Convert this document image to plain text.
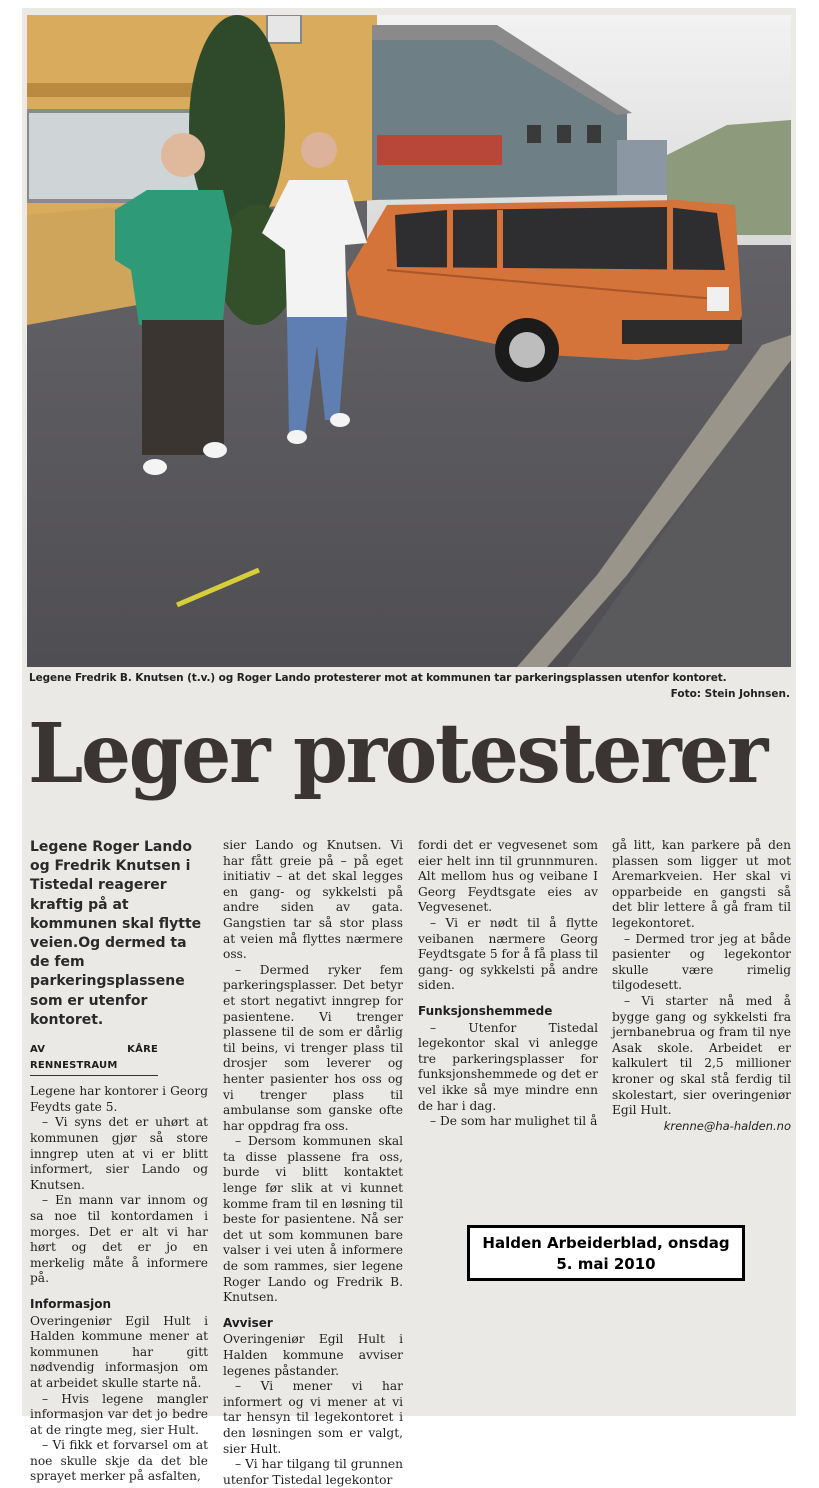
Legene Fredrik B. Knutsen (t.v.) og Roger Lando protesterer mot at kommunen tar parkeringsplassen utenfor kontoret.
Foto: Stein Johnsen.
Leger protesterer
Legene Roger Lando og Fredrik Knutsen i Tistedal reagerer kraftig på at kommunen skal flytte veien.Og dermed ta de fem parkeringsplassene som er utenfor kontoret.
AV KÅRE RENNESTRAUM

Legene har kontorer i Georg Feydts gate 5.

– Vi syns det er uhørt at kommunen gjør så store inngrep uten at vi er blitt informert, sier Lando og Knutsen.

– En mann var innom og sa noe til kontordamen i morges. Det er alt vi har hørt og det er jo en merkelig måte å informere på.

Informasjon

Overingeniør Egil Hult i Halden kommune mener at kommunen har gitt nødvendig informasjon om at arbeidet skulle starte nå.

– Hvis legene mangler informasjon var det jo bedre at de ringte meg, sier Hult.

– Vi fikk et forvarsel om at noe skulle skje da det ble sprayet merker på asfalten,

sier Lando og Knutsen. Vi har fått greie på – på eget initiativ – at det skal legges en gang- og sykkelsti på andre siden av gata. Gangstien tar så stor plass at veien må flyttes nærmere oss.

– Dermed ryker fem parkeringsplasser. Det betyr et stort negativt inngrep for pasientene. Vi trenger plassene til de som er dårlig til beins, vi trenger plass til drosjer som leverer og henter pasienter hos oss og vi trenger plass til ambulanse som ganske ofte har oppdrag fra oss.

– Dersom kommunen skal ta disse plassene fra oss, burde vi blitt kontaktet lenge før slik at vi kunnet komme fram til en løsning til beste for pasientene. Nå ser det ut som kommunen bare valser i vei uten å informere de som rammes, sier legene Roger Lando og Fredrik B. Knutsen.

Avviser

Overingeniør Egil Hult i Halden kommune avviser legenes påstander.

– Vi mener vi har informert og vi mener at vi tar hensyn til legekontoret i den løsningen som er valgt, sier Hult.

– Vi har tilgang til grunnen utenfor Tistedal legekontor

fordi det er vegvesenet som eier helt inn til grunnmuren. Alt mellom hus og veibane I Georg Feydtsgate eies av Vegvesenet.

– Vi er nødt til å flytte veibanen nærmere Georg Feydtsgate 5 for å få plass til gang- og sykkelsti på andre siden.

Funksjonshemmede

– Utenfor Tistedal legekontor skal vi anlegge tre parkeringsplasser for funksjonshemmede og det er vel ikke så mye mindre enn de har i dag.

– De som har mulighet til å

gå litt, kan parkere på den plassen som ligger ut mot Aremarkveien. Her skal vi opparbeide en gangsti så det blir lettere å gå fram til legekontoret.

– Dermed tror jeg at både pasienter og legekontor skulle være rimelig tilgodesett.

– Vi starter nå med å bygge gang og sykkelsti fra jernbanebrua og fram til nye Asak skole. Arbeidet er kalkulert til 2,5 millioner kroner og skal stå ferdig til skolestart, sier overingeniør Egil Hult.

krenne@ha-halden.no
Halden Arbeiderblad, onsdag
5. mai 2010
